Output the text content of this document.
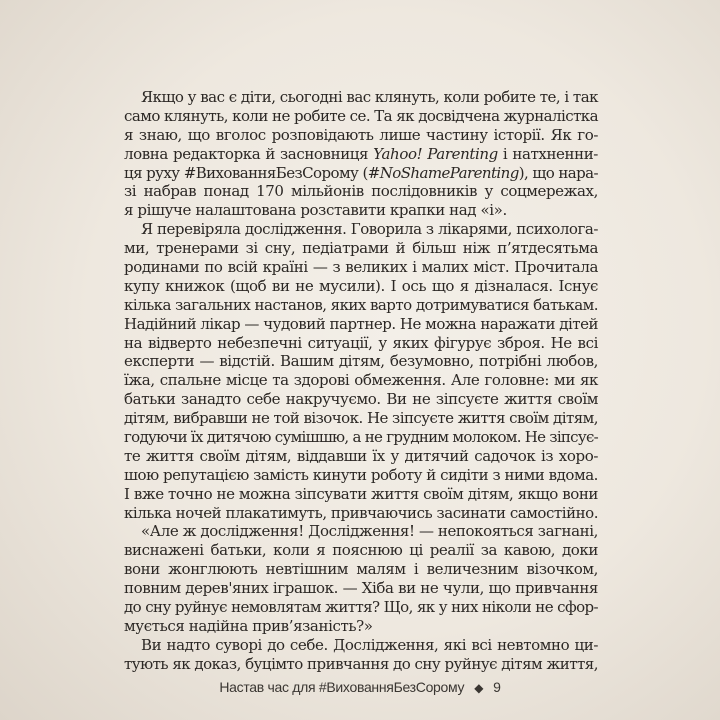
Якщо у вас є діти, сьогодні вас клянуть, коли робите те, і так
само клянуть, коли не робите се. Та як досвідчена журналістка
я знаю, що вголос розповідають лише частину історії. Як го-
ловна редакторка й засновниця Yahoo! Parenting і натхненни-
ця руху #ВихованняБезСорому (#NoShameParenting), що нара-
зі набрав понад 170 мільйонів послідовників у соцмережах,
я рішуче налаштована розставити крапки над «і».
Я перевіряла дослідження. Говорила з лікарями, психолога-
ми, тренерами зі сну, педіатрами й більш ніж п’ятдесятьма
родинами по всій країні — з великих і малих міст. Прочитала
купу книжок (щоб ви не мусили). І ось що я дізналася. Існує
кілька загальних настанов, яких варто дотримуватися батькам.
Надійний лікар — чудовий партнер. Не можна наражати дітей
на відверто небезпечні ситуації, у яких фігурує зброя. Не всі
експерти — відстій. Вашим дітям, безумовно, потрібні любов,
їжа, спальне місце та здорові обмеження. Але головне: ми як
батьки занадто себе накручуємо. Ви не зіпсуєте життя своїм
дітям, вибравши не той візочок. Не зіпсуєте життя своїм дітям,
годуючи їх дитячою сумішшю, а не грудним молоком. Не зіпсує-
те життя своїм дітям, віддавши їх у дитячий садочок із хоро-
шою репутацією замість кинути роботу й сидіти з ними вдома.
І вже точно не можна зіпсувати життя своїм дітям, якщо вони
кілька ночей плакатимуть, привчаючись засинати самостійно.
«Але ж дослідження! Дослідження! — непокояться загнані,
виснажені батьки, коли я пояснюю ці реалії за кавою, доки
вони жонглюють невтішним малям і величезним візочком,
повним дерев'яних іграшок. — Хіба ви не чули, що привчання
до сну руйнує немовлятам життя? Що, як у них ніколи не сфор-
мується надійна прив’язаність?»
Ви надто суворі до себе. Дослідження, які всі невтомно ци-
тують як доказ, буцімто привчання до сну руйнує дітям життя,
Настав час для #ВихованняБезСорому ◆ 9
